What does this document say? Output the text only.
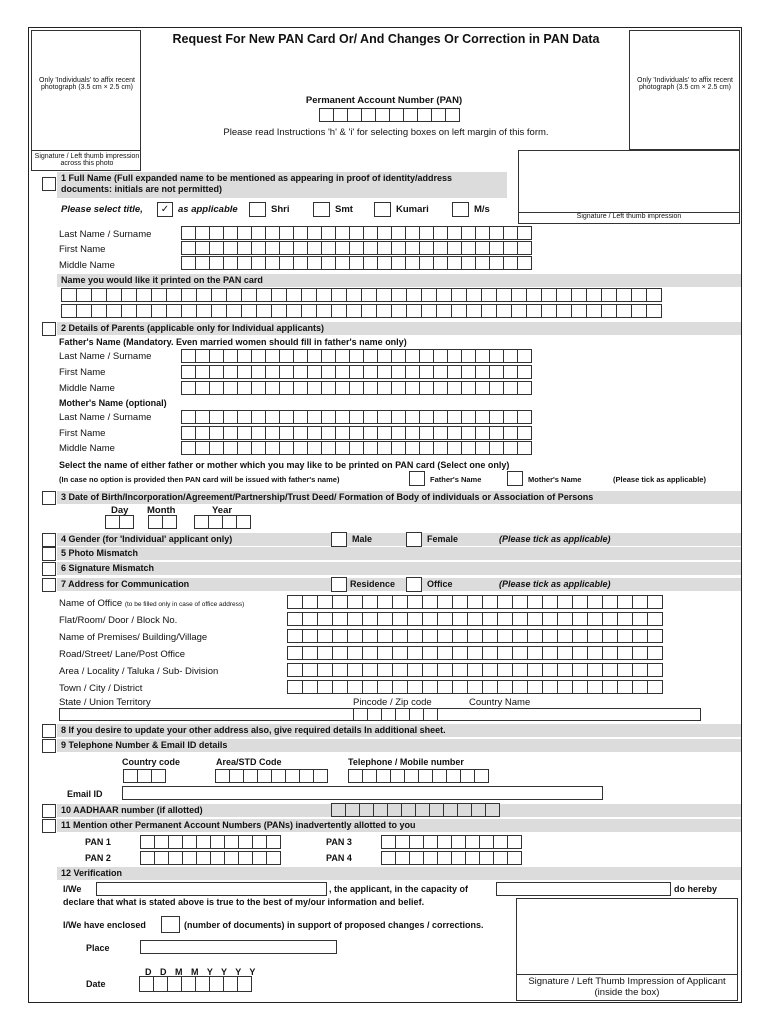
Request For New PAN Card Or/ And Changes Or Correction in PAN Data
Only 'Individuals' to affix recent photograph (3.5 cm × 2.5 cm)
Signature / Left thumb impression across this photo
Only 'Individuals' to affix recent photograph (3.5 cm × 2.5 cm)
Signature / Left thumb impression
Permanent Account Number (PAN)
Please read Instructions 'h' & 'i' for selecting boxes on left margin of this form.
1 Full Name (Full expanded name to be mentioned as appearing in proof of identity/address documents: initials are not permitted)
Please select title,	✓ as applicable	Shri	Smt	Kumari	M/s
Last Name / Surname
First Name
Middle Name
Name you would like it printed on the PAN card
2 Details of Parents (applicable only for Individual applicants)
Father's Name (Mandatory. Even married women should fill in father's name only)
Last Name / Surname
First Name
Middle Name
Mother's Name (optional)
Last Name / Surname
First Name
Middle Name
Select the name of either father or mother which you may like to be printed on PAN card (Select one only)
(In case no option is provided then PAN card will be issued with father's name)	Father's Name	Mother's Name	(Please tick as applicable)
3 Date of Birth/Incorporation/Agreement/Partnership/Trust Deed/ Formation of Body of individuals or Association of Persons
Day Month	Year
4 Gender (for 'Individual' applicant only)	Male	Female	(Please tick as applicable)
5 Photo Mismatch
6 Signature Mismatch
7 Address for Communication	Residence	Office	(Please tick as applicable)
Name of Office (to be filled only in case of office address)
Flat/Room/ Door / Block No.
Name of Premises/ Building/Village
Road/Street/ Lane/Post Office
Area / Locality / Taluka / Sub- Division
Town / City / District
State / Union Territory	Pincode / Zip code	Country Name
8 If you desire to update your other address also, give required details In additional sheet.
9 Telephone Number & Email ID details
Country code	Area/STD Code	Telephone / Mobile number
Email ID
10 AADHAAR number (if allotted)
11 Mention other Permanent Account Numbers (PANs) inadvertently allotted to you
PAN 1
PAN 2
PAN 3
PAN 4
12 Verification
I/We	, the applicant, in the capacity of	do hereby
declare that what is stated above is true to the best of my/our information and belief.
I/We have enclosed	(number of documents) in support of proposed changes / corrections.
Place
D D M M Y Y Y Y
Date	Signature / Left Thumb Impression of Applicant (inside the box)
